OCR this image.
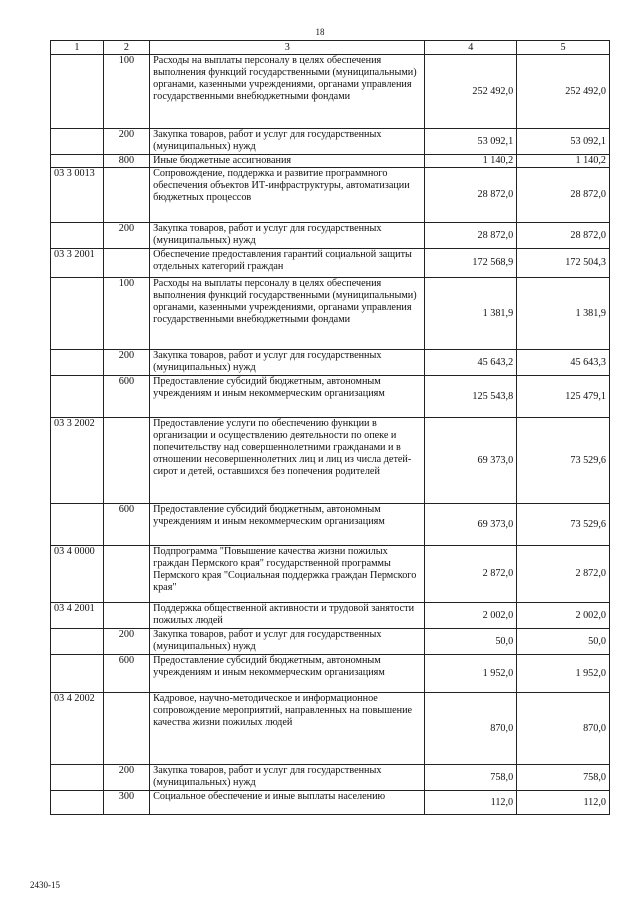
18
1	2	3	4	5
	100	Расходы на выплаты персоналу в целях обеспечения выполнения функций государственными (муниципальными) органами, казенными учреждениями, органами управления государственными внебюджетными фондами	252 492,0	252 492,0
	200	Закупка товаров, работ и услуг для государственных (муниципальных) нужд	53 092,1	53 092,1
	800	Иные бюджетные ассигнования	1 140,2	1 140,2
03 3 0013		Сопровождение, поддержка и развитие программного обеспечения объектов ИТ-инфраструктуры, автоматизации бюджетных процессов	28 872,0	28 872,0
	200	Закупка товаров, работ и услуг для государственных (муниципальных) нужд	28 872,0	28 872,0
03 3 2001		Обеспечение предоставления гарантий социальной защиты отдельных категорий граждан	172 568,9	172 504,3
	100	Расходы на выплаты персоналу в целях обеспечения выполнения функций государственными (муниципальными) органами, казенными учреждениями, органами управления государственными внебюджетными фондами	1 381,9	1 381,9
	200	Закупка товаров, работ и услуг для государственных (муниципальных) нужд	45 643,2	45 643,3
	600	Предоставление субсидий бюджетным, автономным учреждениям и иным некоммерческим организациям	125 543,8	125 479,1
03 3 2002		Предоставление услуги по обеспечению функции в организации и осуществлению деятельности по опеке и попечительству над совершеннолетними гражданами и в отношении несовершеннолетних лиц и лиц из числа детей-сирот и детей, оставшихся без попечения родителей	69 373,0	73 529,6
	600	Предоставление субсидий бюджетным, автономным учреждениям и иным некоммерческим организациям	69 373,0	73 529,6
03 4 0000		Подпрограмма "Повышение качества жизни пожилых граждан Пермского края" государственной программы Пермского края "Социальная поддержка граждан Пермского края"	2 872,0	2 872,0
03 4 2001		Поддержка общественной активности и трудовой занятости пожилых людей	2 002,0	2 002,0
	200	Закупка товаров, работ и услуг для государственных (муниципальных) нужд	50,0	50,0
	600	Предоставление субсидий бюджетным, автономным учреждениям и иным некоммерческим организациям	1 952,0	1 952,0
03 4 2002		Кадровое, научно-методическое и информационное сопровождение мероприятий, направленных на повышение качества жизни пожилых людей	870,0	870,0
	200	Закупка товаров, работ и услуг для государственных (муниципальных) нужд	758,0	758,0
	300	Социальное обеспечение и иные выплаты населению	112,0	112,0
2430-15
